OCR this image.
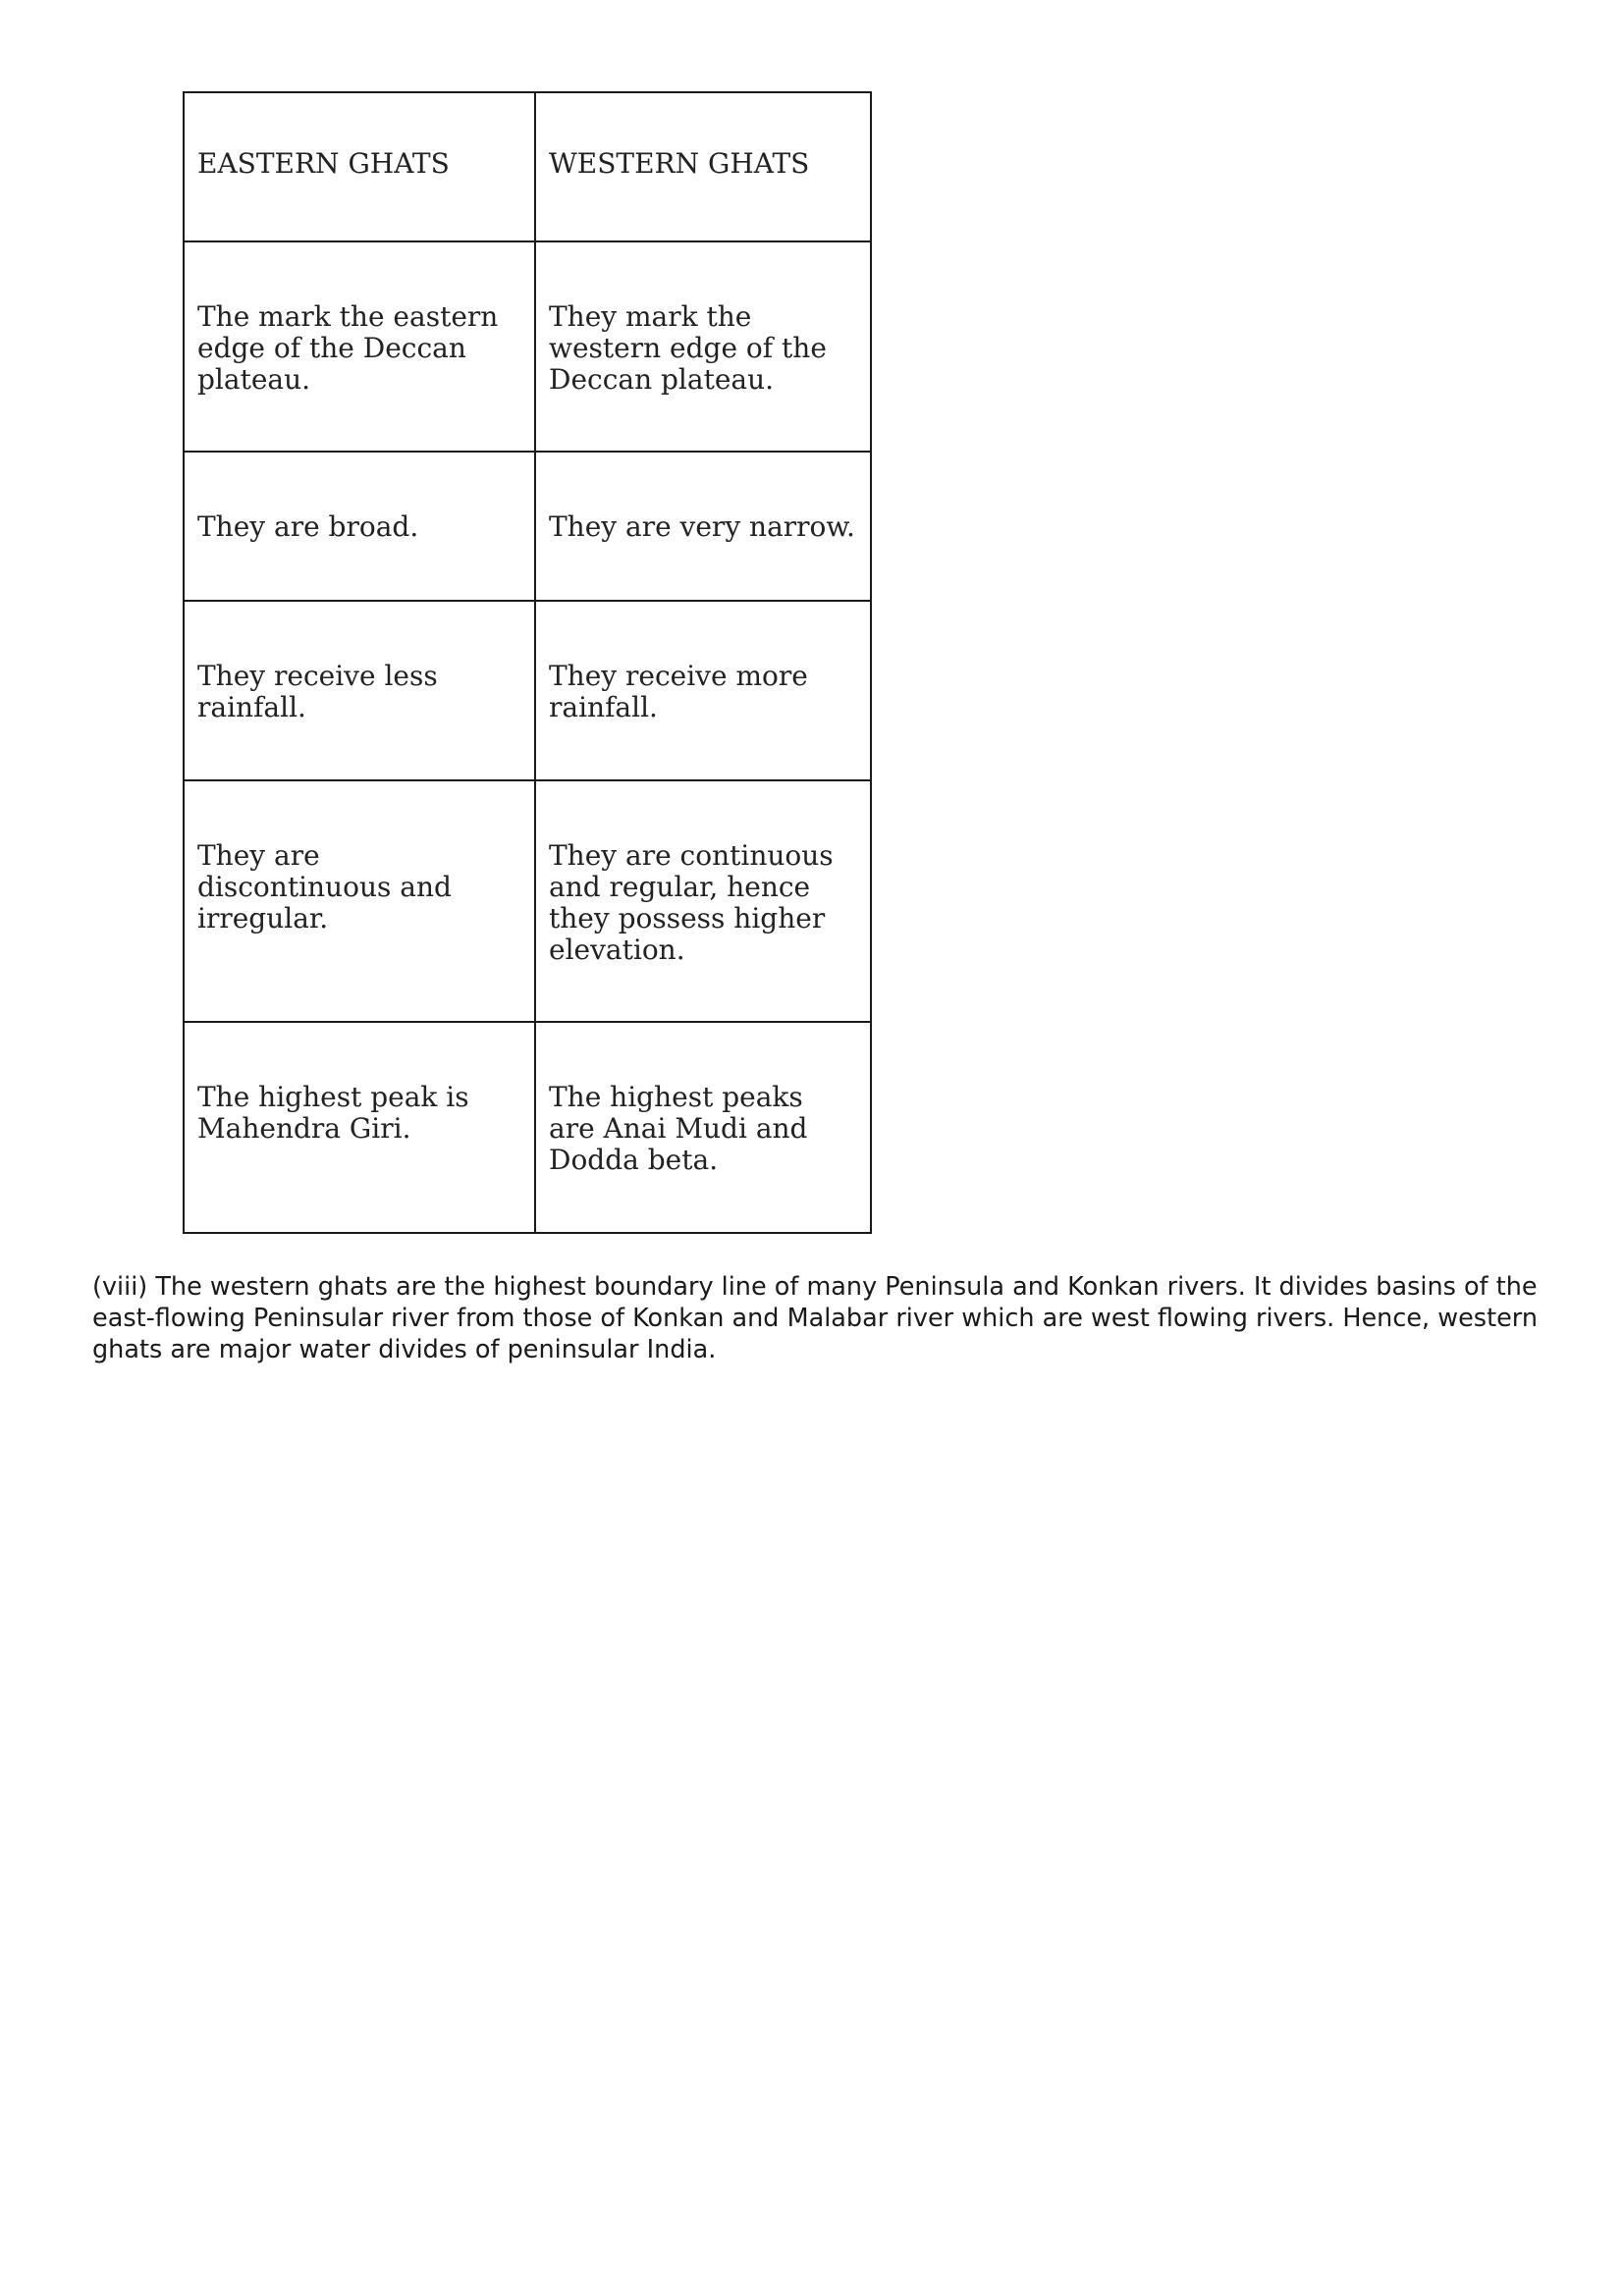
EASTERN GHATS	WESTERN GHATS
The mark the eastern edge of the Deccan plateau.	They mark the western edge of the Deccan plateau.
They are broad.	They are very narrow.
They receive less rainfall.	They receive more rainfall.
They are discontinuous and irregular.	They are continuous and regular, hence they possess higher elevation.
The highest peak is Mahendra Giri.	The highest peaks are Anai Mudi and Dodda beta.

(viii) The western ghats are the highest boundary line of many Peninsula and Konkan rivers. It divides basins of the east-flowing Peninsular river from those of Konkan and Malabar river which are west flowing rivers. Hence, western ghats are major water divides of peninsular India.
